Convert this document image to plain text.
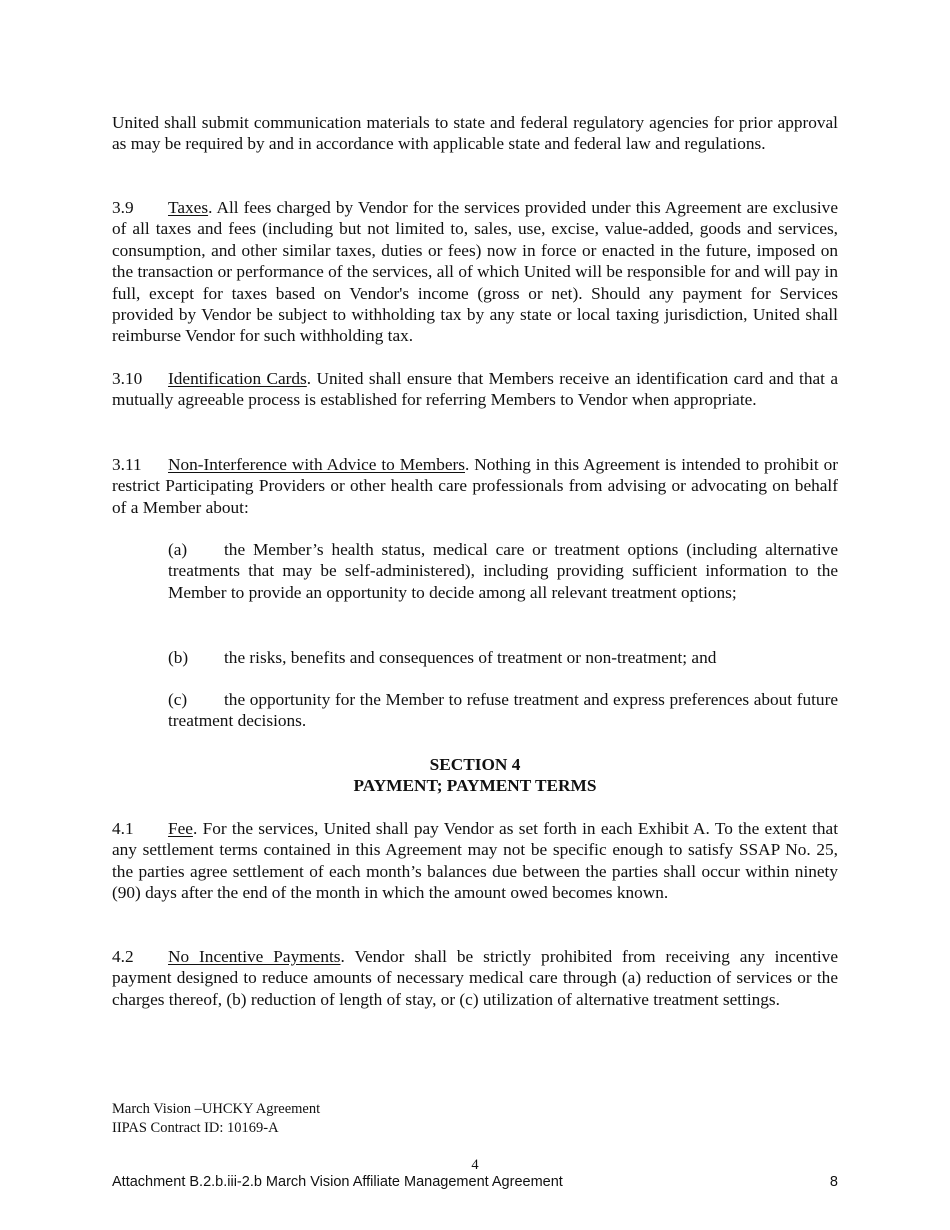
United shall submit communication materials to state and federal regulatory agencies for prior approval as may be required by and in accordance with applicable state and federal law and regulations.

3.9 Taxes. All fees charged by Vendor for the services provided under this Agreement are exclusive of all taxes and fees (including but not limited to, sales, use, excise, value-added, goods and services, consumption, and other similar taxes, duties or fees) now in force or enacted in the future, imposed on the transaction or performance of the services, all of which United will be responsible for and will pay in full, except for taxes based on Vendor's income (gross or net). Should any payment for Services provided by Vendor be subject to withholding tax by any state or local taxing jurisdiction, United shall reimburse Vendor for such withholding tax.

3.10 Identification Cards. United shall ensure that Members receive an identification card and that a mutually agreeable process is established for referring Members to Vendor when appropriate.

3.11 Non-Interference with Advice to Members. Nothing in this Agreement is intended to prohibit or restrict Participating Providers or other health care professionals from advising or advocating on behalf of a Member about:

(a) the Member’s health status, medical care or treatment options (including alternative treatments that may be self-administered), including providing sufficient information to the Member to provide an opportunity to decide among all relevant treatment options;

(b) the risks, benefits and consequences of treatment or non-treatment; and

(c) the opportunity for the Member to refuse treatment and express preferences about future treatment decisions.

SECTION 4
PAYMENT; PAYMENT TERMS

4.1 Fee. For the services, United shall pay Vendor as set forth in each Exhibit A. To the extent that any settlement terms contained in this Agreement may not be specific enough to satisfy SSAP No. 25, the parties agree settlement of each month’s balances due between the parties shall occur within ninety (90) days after the end of the month in which the amount owed becomes known.

4.2 No Incentive Payments. Vendor shall be strictly prohibited from receiving any incentive payment designed to reduce amounts of necessary medical care through (a) reduction of services or the charges thereof, (b) reduction of length of stay, or (c) utilization of alternative treatment settings.

March Vision –UHCKY Agreement
IIPAS Contract ID: 10169-A
4
Attachment B.2.b.iii-2.b March Vision Affiliate Management Agreement	8
